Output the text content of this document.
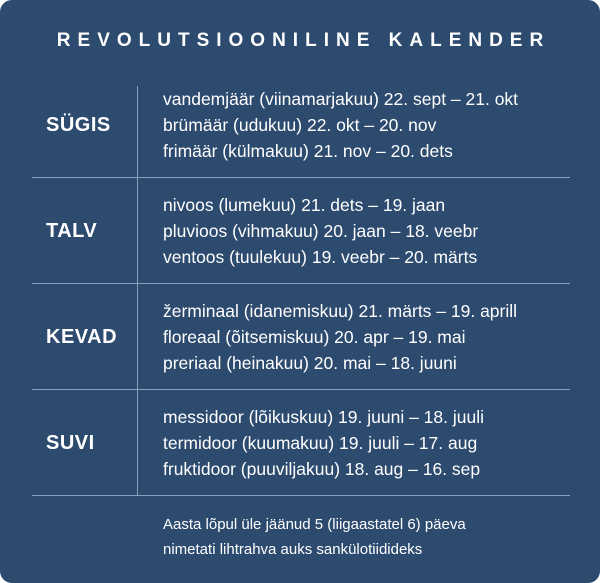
REVOLUTSIOONILINE KALENDER
SÜGIS
vandemjäär (viinamarjakuu) 22. sept – 21. okt
brümäär (udukuu) 22. okt – 20. nov
frimäär (külmakuu) 21. nov – 20. dets
TALV
nivoos (lumekuu) 21. dets – 19. jaan
pluvioos (vihmakuu) 20. jaan – 18. veebr
ventoos (tuulekuu) 19. veebr – 20. märts
KEVAD
žerminaal (idanemiskuu) 21. märts – 19. aprill
floreaal (õitsemiskuu) 20. apr – 19. mai
preriaal (heinakuu) 20. mai – 18. juuni
SUVI
messidoor (lõikuskuu) 19. juuni – 18. juuli
termidoor (kuumakuu) 19. juuli – 17. aug
fruktidoor (puuviljakuu) 18. aug – 16. sep
Aasta lõpul üle jäänud 5 (liigaastatel 6) päeva
nimetati lihtrahva auks sankülotiidideks
